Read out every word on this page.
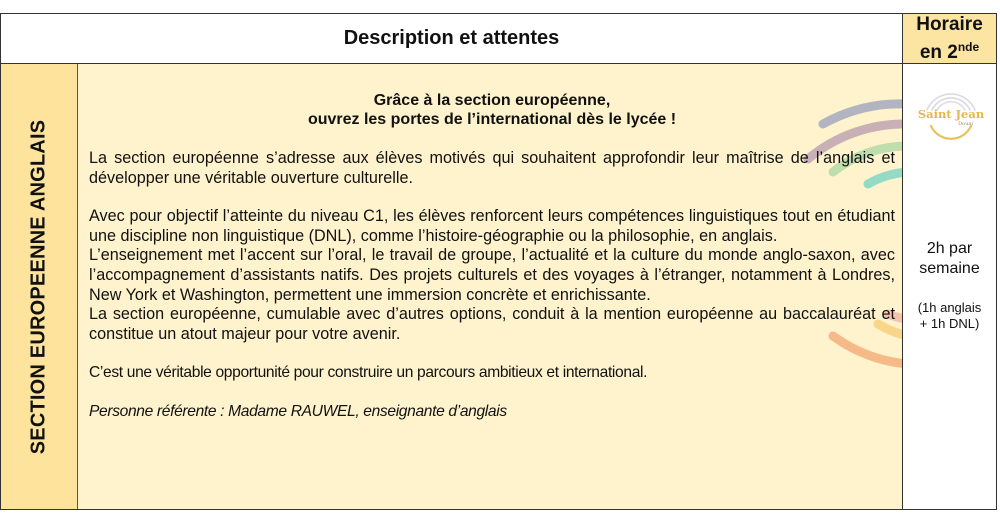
Description et attentes
Horaire
en 2nde
SECTION EUROPEENNE ANGLAIS
Grâce à la section européenne,
ouvrez les portes de l’international dès le lycée !

La section européenne s’adresse aux élèves motivés qui souhaitent approfondir leur maîtrise de l’anglais et développer une véritable ouverture culturelle.

Avec pour objectif l’atteinte du niveau C1, les élèves renforcent leurs compétences linguistiques tout en étudiant une discipline non linguistique (DNL), comme l’histoire-géographie ou la philosophie, en anglais.

L’enseignement met l’accent sur l’oral, le travail de groupe, l’actualité et la culture du monde anglo-saxon, avec l’accompagnement d’assistants natifs. Des projets culturels et des voyages à l’étranger, notamment à Londres, New York et Washington, permettent une immersion concrète et enrichissante.

La section européenne, cumulable avec d’autres options, conduit à la mention européenne au baccalauréat et constitue un atout majeur pour votre avenir.

C’est une véritable opportunité pour construire un parcours ambitieux et international.

Personne référente : Madame RAUWEL, enseignante d’anglais

Saint Jean
Douai
2h par
semaine
(1h anglais
+ 1h DNL)
